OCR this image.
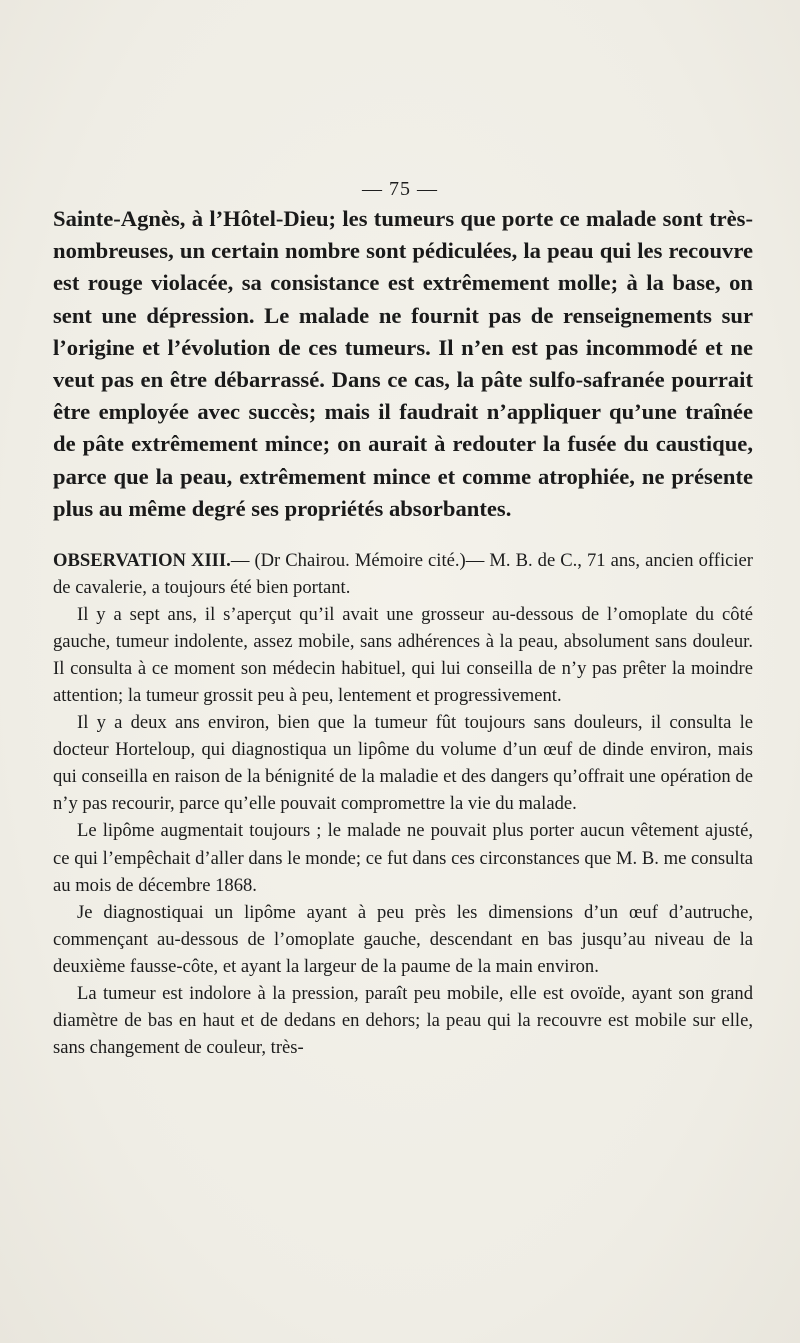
— 75 —

Sainte-Agnès, à l’Hôtel-Dieu; les tumeurs que porte ce malade sont très-nombreuses, un certain nombre sont pédiculées, la peau qui les recouvre est rouge violacée, sa consistance est extrêmement molle; à la base, on sent une dépression. Le malade ne fournit pas de renseignements sur l’origine et l’évolution de ces tumeurs. Il n’en est pas incommodé et ne veut pas en être débarrassé. Dans ce cas, la pâte sulfo-safranée pourrait être employée avec succès; mais il faudrait n’appliquer qu’une traînée de pâte extrêmement mince; on aurait à redouter la fusée du caustique, parce que la peau, extrêmement mince et comme atrophiée, ne présente plus au même degré ses propriétés absorbantes.

OBSERVATION XIII.— (Dr Chairou. Mémoire cité.)— M. B. de C., 71 ans, ancien officier de cavalerie, a toujours été bien portant.

Il y a sept ans, il s’aperçut qu’il avait une grosseur au-dessous de l’omoplate du côté gauche, tumeur indolente, assez mobile, sans adhérences à la peau, absolument sans douleur. Il consulta à ce moment son médecin habituel, qui lui conseilla de n’y pas prêter la moindre attention; la tumeur grossit peu à peu, lentement et progressivement.

Il y a deux ans environ, bien que la tumeur fût toujours sans douleurs, il consulta le docteur Horteloup, qui diagnostiqua un lipôme du volume d’un œuf de dinde environ, mais qui conseilla en raison de la bénignité de la maladie et des dangers qu’offrait une opération de n’y pas recourir, parce qu’elle pouvait compromettre la vie du malade.

Le lipôme augmentait toujours ; le malade ne pouvait plus porter aucun vêtement ajusté, ce qui l’empêchait d’aller dans le monde; ce fut dans ces circonstances que M. B. me consulta au mois de décembre 1868.

Je diagnostiquai un lipôme ayant à peu près les dimensions d’un œuf d’autruche, commençant au-dessous de l’omoplate gauche, descendant en bas jusqu’au niveau de la deuxième fausse-côte, et ayant la largeur de la paume de la main environ.

La tumeur est indolore à la pression, paraît peu mobile, elle est ovoïde, ayant son grand diamètre de bas en haut et de dedans en dehors; la peau qui la recouvre est mobile sur elle, sans changement de couleur, très-
